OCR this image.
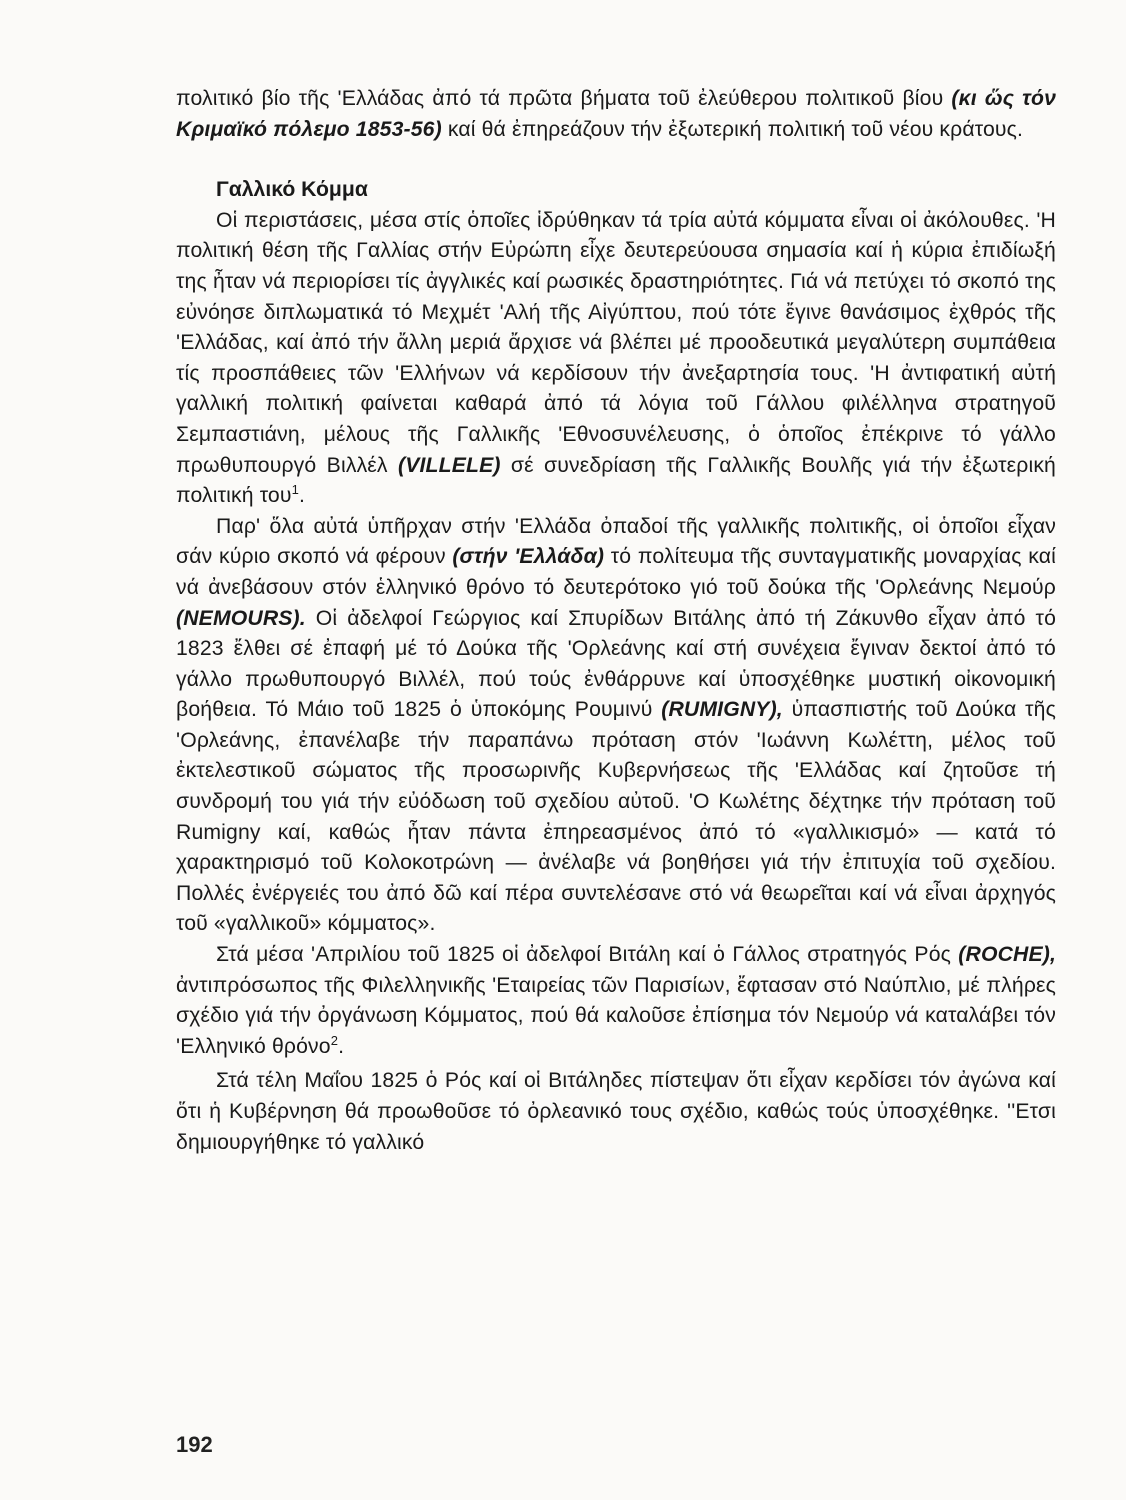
πολιτικό βίο τῆς 'Ελλάδας ἀπό τά πρῶτα βήματα τοῦ ἐλεύθερου πολιτικοῦ βίου (κι ὥς τόν Κριμαϊκό πόλεμο 1853-56) καί θά ἐπηρεάζουν τήν ἐξωτερική πολιτική τοῦ νέου κράτους.

Γαλλικό Κόμμα

Οἱ περιστάσεις, μέσα στίς ὁποῖες ἱδρύθηκαν τά τρία αὐτά κόμματα εἶναι οἱ ἀκόλουθες. 'Η πολιτική θέση τῆς Γαλλίας στήν Εὐρώπη εἶχε δευτερεύουσα σημασία καί ἡ κύρια ἐπιδίωξή της ἦταν νά περιορίσει τίς ἀγγλικές καί ρωσικές δραστηριότητες. Γιά νά πετύχει τό σκοπό της εὐνόησε διπλωματικά τό Μεχμέτ 'Αλή τῆς Αἰγύπτου, πού τότε ἔγινε θανάσιμος ἐχθρός τῆς 'Ελλάδας, καί ἀπό τήν ἄλλη μεριά ἄρχισε νά βλέπει μέ προοδευτικά μεγαλύτερη συμπάθεια τίς προσπάθειες τῶν 'Ελλήνων νά κερδίσουν τήν ἀνεξαρτησία τους. 'Η ἀντιφατική αὐτή γαλλική πολιτική φαίνεται καθαρά ἀπό τά λόγια τοῦ Γάλλου φιλέλληνα στρατηγοῦ Σεμπαστιάνη, μέλους τῆς Γαλλικῆς 'Εθνοσυνέλευσης, ὁ ὁποῖος ἐπέκρινε τό γάλλο πρωθυπουργό Βιλλέλ (VILLELE) σέ συνεδρίαση τῆς Γαλλικῆς Βουλῆς γιά τήν ἐξωτερική πολιτική του$^1$.

Παρ' ὅλα αὐτά ὑπῆρχαν στήν 'Ελλάδα ὀπαδοί τῆς γαλλικῆς πολιτικῆς, οἱ ὁποῖοι εἶχαν σάν κύριο σκοπό νά φέρουν (στήν 'Ελλάδα) τό πολίτευμα τῆς συνταγματικῆς μοναρχίας καί νά ἀνεβάσουν στόν ἑλληνικό θρόνο τό δευτερότοκο γιό τοῦ δούκα τῆς 'Ορλεάνης Νεμούρ (NEMOURS). Οἱ ἀδελφοί Γεώργιος καί Σπυρίδων Βιτάλης ἀπό τή Ζάκυνθο εἶχαν ἀπό τό 1823 ἔλθει σέ ἐπαφή μέ τό Δούκα τῆς 'Ορλεάνης καί στή συνέχεια ἔγιναν δεκτοί ἀπό τό γάλλο πρωθυπουργό Βιλλέλ, πού τούς ἐνθάρρυνε καί ὑποσχέθηκε μυστική οἰκονομική βοήθεια. Τό Μάιο τοῦ 1825 ὁ ὑποκόμης Ρουμινύ (RUMIGNY), ὑπασπιστής τοῦ Δούκα τῆς 'Ορλεάνης, ἐπανέλαβε τήν παραπάνω πρόταση στόν 'Ιωάννη Κωλέττη, μέλος τοῦ ἐκτελεστικοῦ σώματος τῆς προσωρινῆς Κυβερνήσεως τῆς 'Ελλάδας καί ζητοῦσε τή συνδρομή του γιά τήν εὐόδωση τοῦ σχεδίου αὐτοῦ. 'Ο Κωλέτης δέχτηκε τήν πρόταση τοῦ Rumigny καί, καθώς ἦταν πάντα ἐπηρεασμένος ἀπό τό «γαλλικισμό» — κατά τό χαρακτηρισμό τοῦ Κολοκοτρώνη — ἀνέλαβε νά βοηθήσει γιά τήν ἐπιτυχία τοῦ σχεδίου. Πολλές ἐνέργειές του ἀπό δῶ καί πέρα συντελέσανε στό νά θεωρεῖται καί νά εἶναι ἀρχηγός τοῦ «γαλλικοῦ» κόμματος».

Στά μέσα 'Απριλίου τοῦ 1825 οἱ ἀδελφοί Βιτάλη καί ὁ Γάλλος στρατηγός Ρός (ROCHE), ἀντιπρόσωπος τῆς Φιλελληνικῆς 'Εταιρείας τῶν Παρισίων, ἔφτασαν στό Ναύπλιο, μέ πλήρες σχέδιο γιά τήν ὀργάνωση Κόμματος, πού θά καλοῦσε ἐπίσημα τόν Νεμούρ νά καταλάβει τόν 'Ελληνικό θρόνο$^2$.

Στά τέλη Μαΐου 1825 ὁ Ρός καί οἱ Βιτάληδες πίστεψαν ὅτι εἶχαν κερδίσει τόν ἀγώνα καί ὅτι ἡ Κυβέρνηση θά προωθοῦσε τό ὀρλεανικό τους σχέδιο, καθώς τούς ὑποσχέθηκε. ''Ετσι δημιουργήθηκε τό γαλλικό

192
